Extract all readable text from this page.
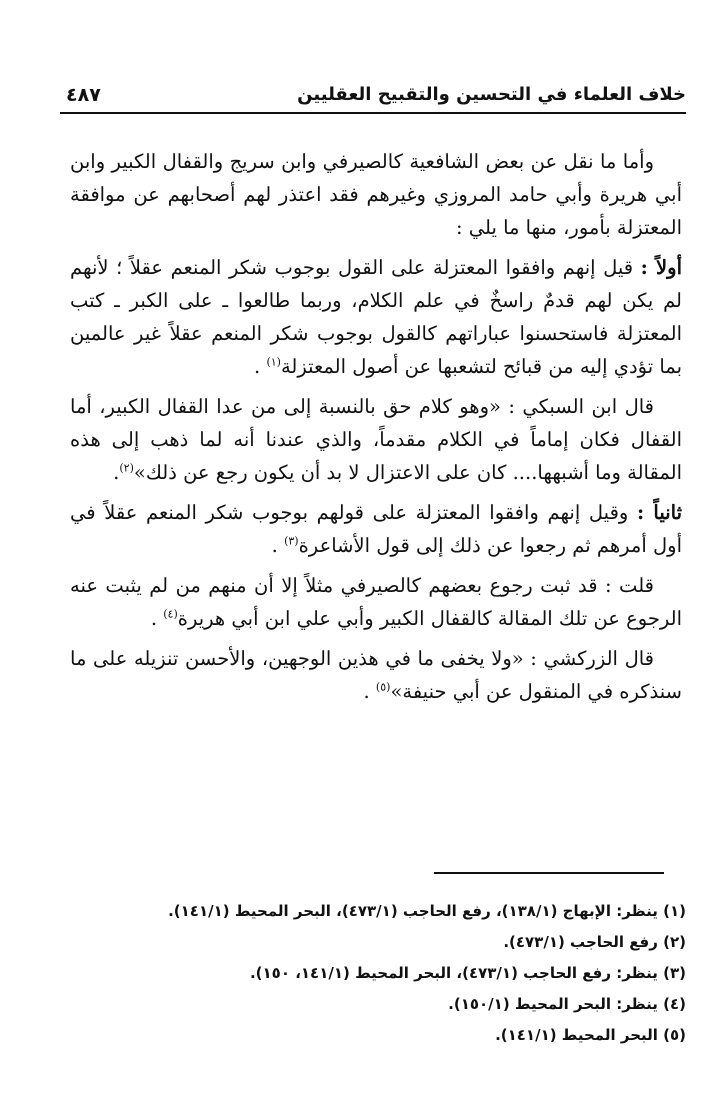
خلاف العلماء في التحسين والتقبيح العقليين
٤٨٧

وأما ما نقل عن بعض الشافعية كالصيرفي وابن سريج والقفال الكبير وابن أبي هريرة وأبي حامد المروزي وغيرهم فقد اعتذر لهم أصحابهم عن موافقة المعتزلة بأمور، منها ما يلي :

أولاً : قيل إنهم وافقوا المعتزلة على القول بوجوب شكر المنعم عقلاً ؛ لأنهم لم يكن لهم قدمٌ راسخٌ في علم الكلام، وربما طالعوا ـ على الكبر ـ كتب المعتزلة فاستحسنوا عباراتهم كالقول بوجوب شكر المنعم عقلاً غير عالمين بما تؤدي إليه من قبائح لتشعبها عن أصول المعتزلة$^{(١)}$ .

قال ابن السبكي : «وهو كلام حق بالنسبة إلى من عدا القفال الكبير، أما القفال فكان إماماً في الكلام مقدماً، والذي عندنا أنه لما ذهب إلى هذه المقالة وما أشبهها.... كان على الاعتزال لا بد أن يكون رجع عن ذلك»$^{(٢)}$.

ثانياً : وقيل إنهم وافقوا المعتزلة على قولهم بوجوب شكر المنعم عقلاً في أول أمرهم ثم رجعوا عن ذلك إلى قول الأشاعرة$^{(٣)}$ .

قلت : قد ثبت رجوع بعضهم كالصيرفي مثلاً إلا أن منهم من لم يثبت عنه الرجوع عن تلك المقالة كالقفال الكبير وأبي علي ابن أبي هريرة$^{(٤)}$ .

قال الزركشي : «ولا يخفى ما في هذين الوجهين، والأحسن تنزيله على ما سنذكره في المنقول عن أبي حنيفة»$^{(٥)}$ .

(١) ينظر: الإبهاج (١٣٨/١)، رفع الحاجب (٤٧٣/١)، البحر المحيط (١٤١/١).
(٢) رفع الحاجب (٤٧٣/١).
(٣) ينظر: رفع الحاجب (٤٧٣/١)، البحر المحيط (١٤١/١، ١٥٠).
(٤) ينظر: البحر المحيط (١٥٠/١).
(٥) البحر المحيط (١٤١/١).
